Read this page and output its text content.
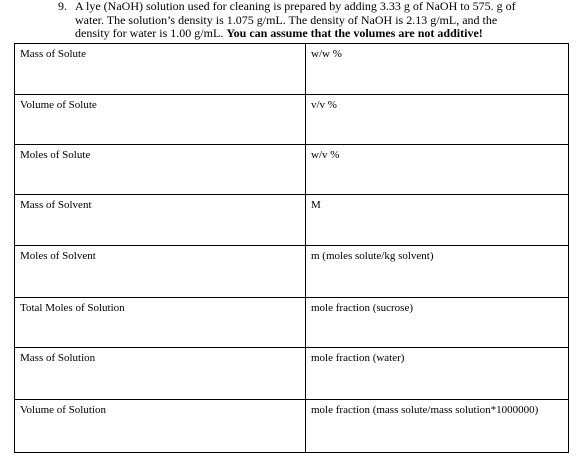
9. A lye (NaOH) solution used for cleaning is prepared by adding 3.33 g of NaOH to 575. g of
water. The solution’s density is 1.075 g/mL. The density of NaOH is 2.13 g/mL, and the
density for water is 1.00 g/mL. You can assume that the volumes are not additive!
Mass of Solute	w/w %
Volume of Solute	v/v %
Moles of Solute	w/v %
Mass of Solvent	M
Moles of Solvent	m (moles solute/kg solvent)
Total Moles of Solution	mole fraction (sucrose)
Mass of Solution	mole fraction (water)
Volume of Solution	mole fraction (mass solute/mass solution*1000000)
